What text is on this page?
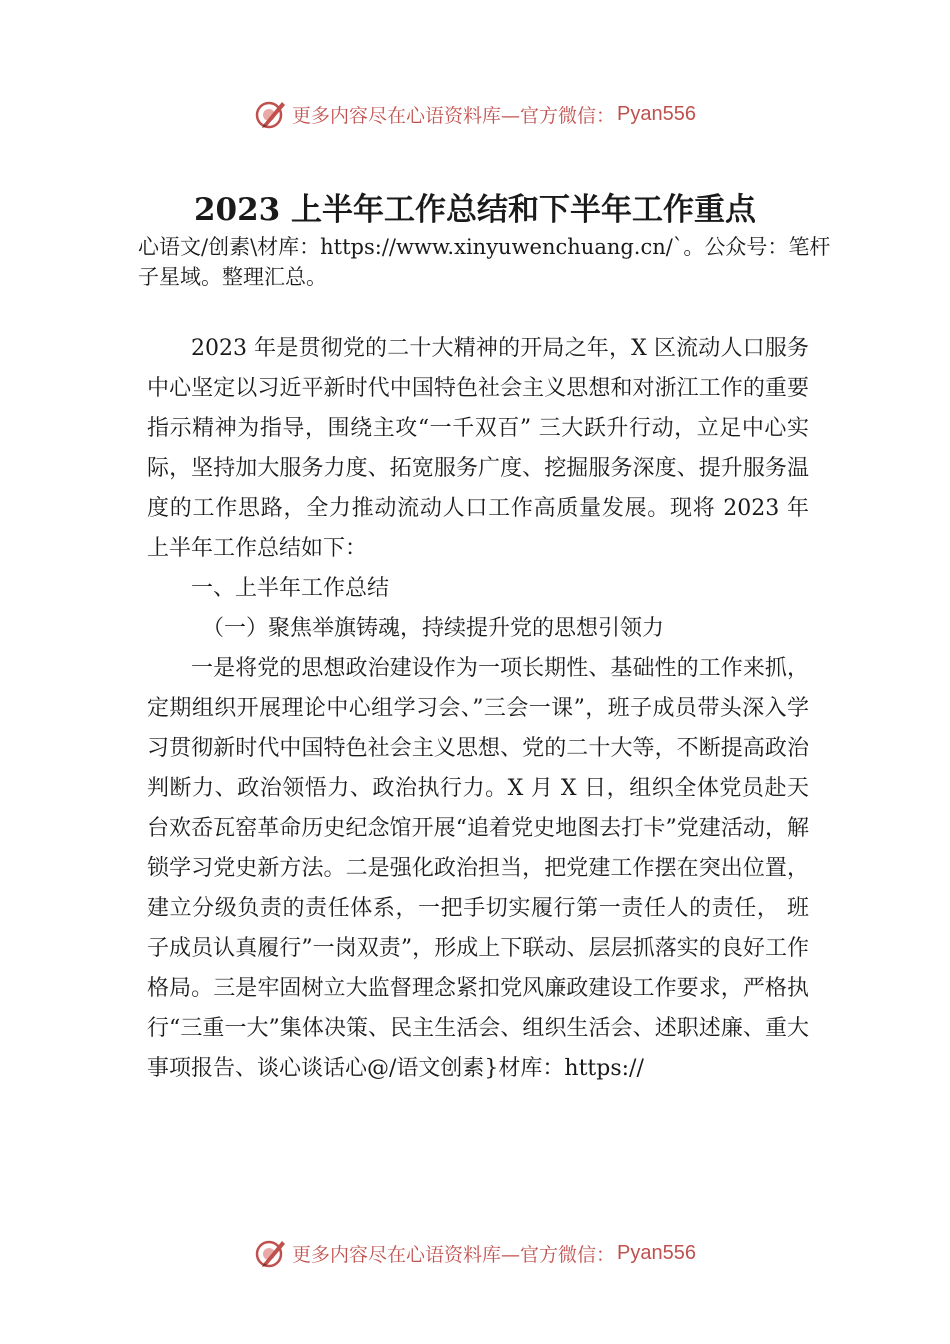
更多内容尽在心语资料库—官方微信： Pyan556
2023 上半年工作总结和下半年工作重点

心语文/创素\材库：https://www.xinyuwenchuang.cn/`。公众号：笔杆子星域。整理汇总。

2023 年是贯彻党的二十大精神的开局之年，X 区流动人口服务中心坚定以习近平新时代中国特色社会主义思想和对浙江工作的重要指示精神为指导，围绕主攻“一千双百” 三大跃升行动，立足中心实际，坚持加大服务力度、拓宽服务广度、挖掘服务深度、提升服务温度的工作思路，全力推动流动人口工作高质量发展。现将 2023 年上半年工作总结如下：

一、上半年工作总结

（一）聚焦举旗铸魂，持续提升党的思想引领力

一是将党的思想政治建设作为一项长期性、基础性的工作来抓，定期组织开展理论中心组学习会、”三会一课”，班子成员带头深入学习贯彻新时代中国特色社会主义思想、党的二十大等，不断提高政治判断力、政治领悟力、政治执行力。X 月 X 日，组织全体党员赴天台欢岙瓦窑革命历史纪念馆开展“追着党史地图去打卡”党建活动，解锁学习党史新方法。二是强化政治担当，把党建工作摆在突出位置，建立分级负责的责任体系，一把手切实履行第一责任人的责任， 班子成员认真履行”一岗双责”，形成上下联动、层层抓落实的良好工作格局。三是牢固树立大监督理念紧扣党风廉政建设工作要求，严格执行“三重一大”集体决策、民主生活会、组织生活会、述职述廉、重大事项报告、谈心谈话心@/语文创素}材库：https://

更多内容尽在心语资料库—官方微信： Pyan556
